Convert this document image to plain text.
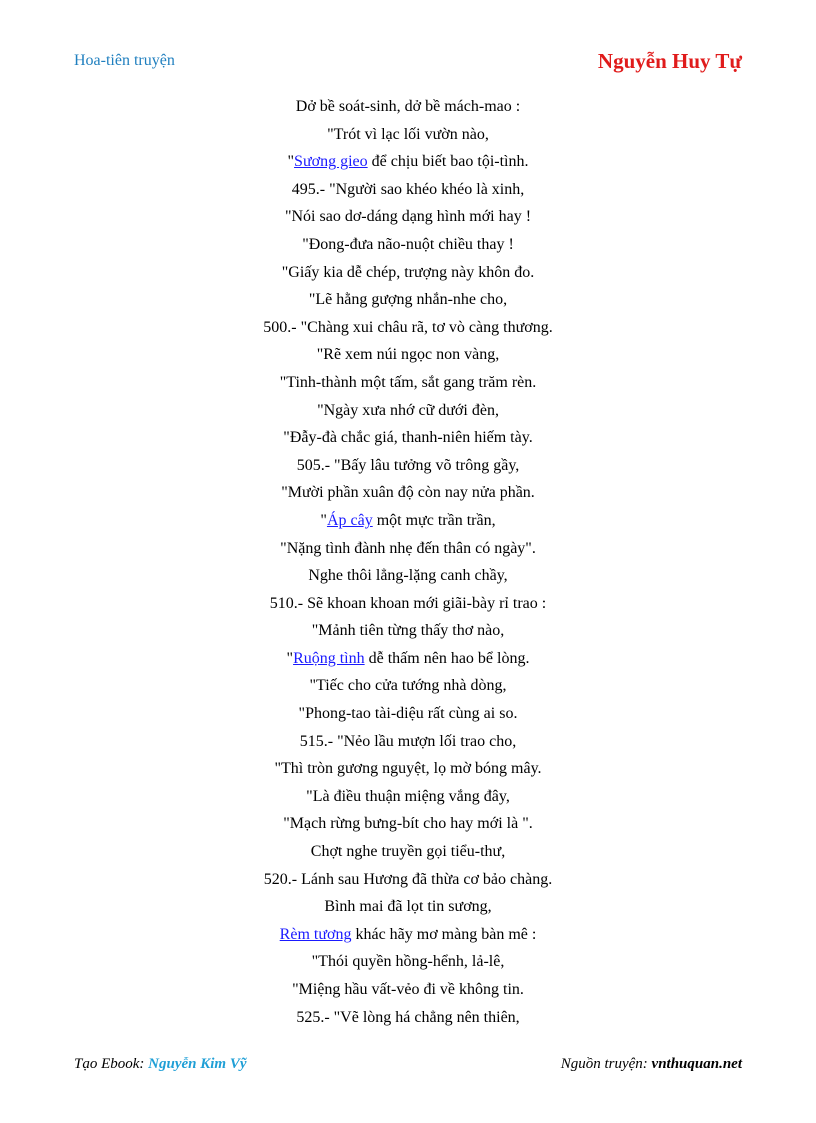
Hoa-tiên truyện	Nguyễn Huy Tự
Dở bề soát-sinh, dở bề mách-mao :
"Trót vì lạc lối vườn nào,
"Sương gieo để chịu biết bao tội-tình.
495.- "Người sao khéo khéo là xinh,
"Nói sao dơ-dáng dạng hình mới hay !
"Đong-đưa não-nuột chiều thay !
"Giấy kia dễ chép, trượng này khôn đo.
"Lẽ hằng gượng nhắn-nhe cho,
500.- "Chàng xui châu rã, tơ vò càng thương.
"Rẽ xem núi ngọc non vàng,
"Tinh-thành một tấm, sắt gang trăm rèn.
"Ngày xưa nhớ cữ dưới đèn,
"Đẫy-đà chắc giá, thanh-niên hiếm tày.
505.- "Bấy lâu tưởng võ trông gầy,
"Mười phần xuân độ còn nay nửa phần.
"Áp cây một mực trần trần,
"Nặng tình đành nhẹ đến thân có ngày".
Nghe thôi lẳng-lặng canh chầy,
510.- Sẽ khoan khoan mới giãi-bày rỉ trao :
"Mảnh tiên từng thấy thơ nào,
"Ruộng tình dễ thấm nên hao bể lòng.
"Tiếc cho cửa tướng nhà dòng,
"Phong-tao tài-diệu rất cùng ai so.
515.- "Nẻo lầu mượn lối trao cho,
"Thì tròn gương nguyệt, lọ mờ bóng mây.
"Là điều thuận miệng vắng đây,
"Mạch rừng bưng-bít cho hay mới là ".
Chợt nghe truyền gọi tiểu-thư,
520.- Lánh sau Hương đã thừa cơ bảo chàng.
Bình mai đã lọt tin sương,
Rèm tương khác hãy mơ màng bàn mê :
"Thói quyền hồng-hểnh, lả-lê,
"Miệng hầu vất-vẻo đi về không tin.
525.- "Vẽ lòng há chẳng nên thiên,
Tạo Ebook: Nguyễn Kim Vỹ	Nguồn truyện: vnthuquan.net
